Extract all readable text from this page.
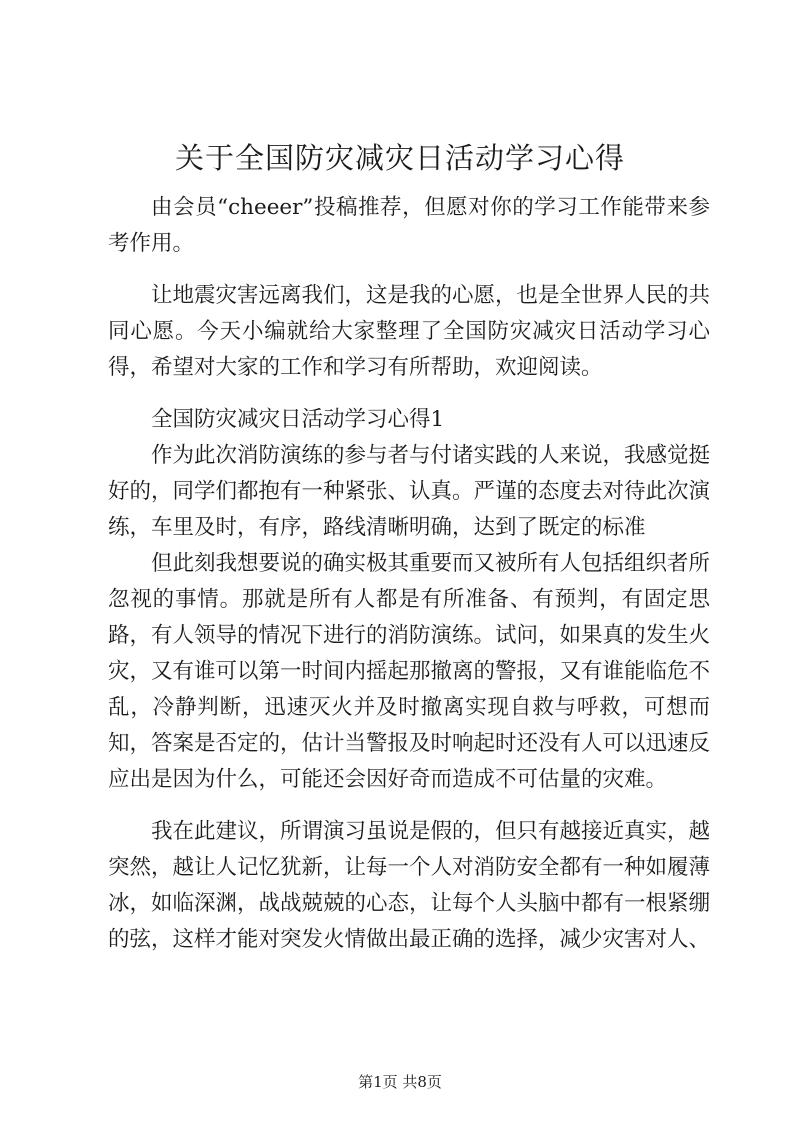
关于全国防灾减灾日活动学习心得

由会员“cheeer”投稿推荐，但愿对你的学习工作能带来参考作用。

让地震灾害远离我们，这是我的心愿，也是全世界人民的共同心愿。今天小编就给大家整理了全国防灾减灾日活动学习心得，希望对大家的工作和学习有所帮助，欢迎阅读。

全国防灾减灾日活动学习心得1

作为此次消防演练的参与者与付诸实践的人来说，我感觉挺好的，同学们都抱有一种紧张、认真。严谨的态度去对待此次演练，车里及时，有序，路线清晰明确，达到了既定的标准

但此刻我想要说的确实极其重要而又被所有人包括组织者所忽视的事情。那就是所有人都是有所准备、有预判，有固定思路，有人领导的情况下进行的消防演练。试问，如果真的发生火灾，又有谁可以第一时间内摇起那撤离的警报，又有谁能临危不乱，冷静判断，迅速灭火并及时撤离实现自救与呼救，可想而知，答案是否定的，估计当警报及时响起时还没有人可以迅速反应出是因为什么，可能还会因好奇而造成不可估量的灾难。

我在此建议，所谓演习虽说是假的，但只有越接近真实，越突然，越让人记忆犹新，让每一个人对消防安全都有一种如履薄冰，如临深渊，战战兢兢的心态，让每个人头脑中都有一根紧绷的弦，这样才能对突发火情做出最正确的选择，减少灾害对人、

第1页 共8页
